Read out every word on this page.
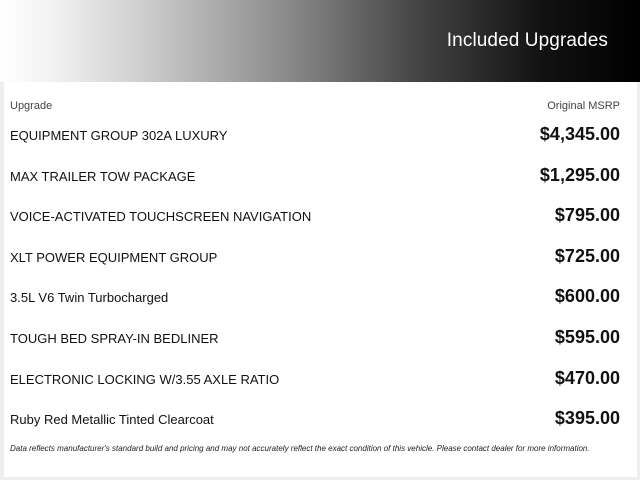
Included Upgrades
Upgrade	Original MSRP
EQUIPMENT GROUP 302A LUXURY	$4,345.00
MAX TRAILER TOW PACKAGE	$1,295.00
VOICE-ACTIVATED TOUCHSCREEN NAVIGATION	$795.00
XLT POWER EQUIPMENT GROUP	$725.00
3.5L V6 Twin Turbocharged	$600.00
TOUGH BED SPRAY-IN BEDLINER	$595.00
ELECTRONIC LOCKING W/3.55 AXLE RATIO	$470.00
Ruby Red Metallic Tinted Clearcoat	$395.00
Data reflects manufacturer's standard build and pricing and may not accurately reflect the exact condition of this vehicle. Please contact dealer for more information.
